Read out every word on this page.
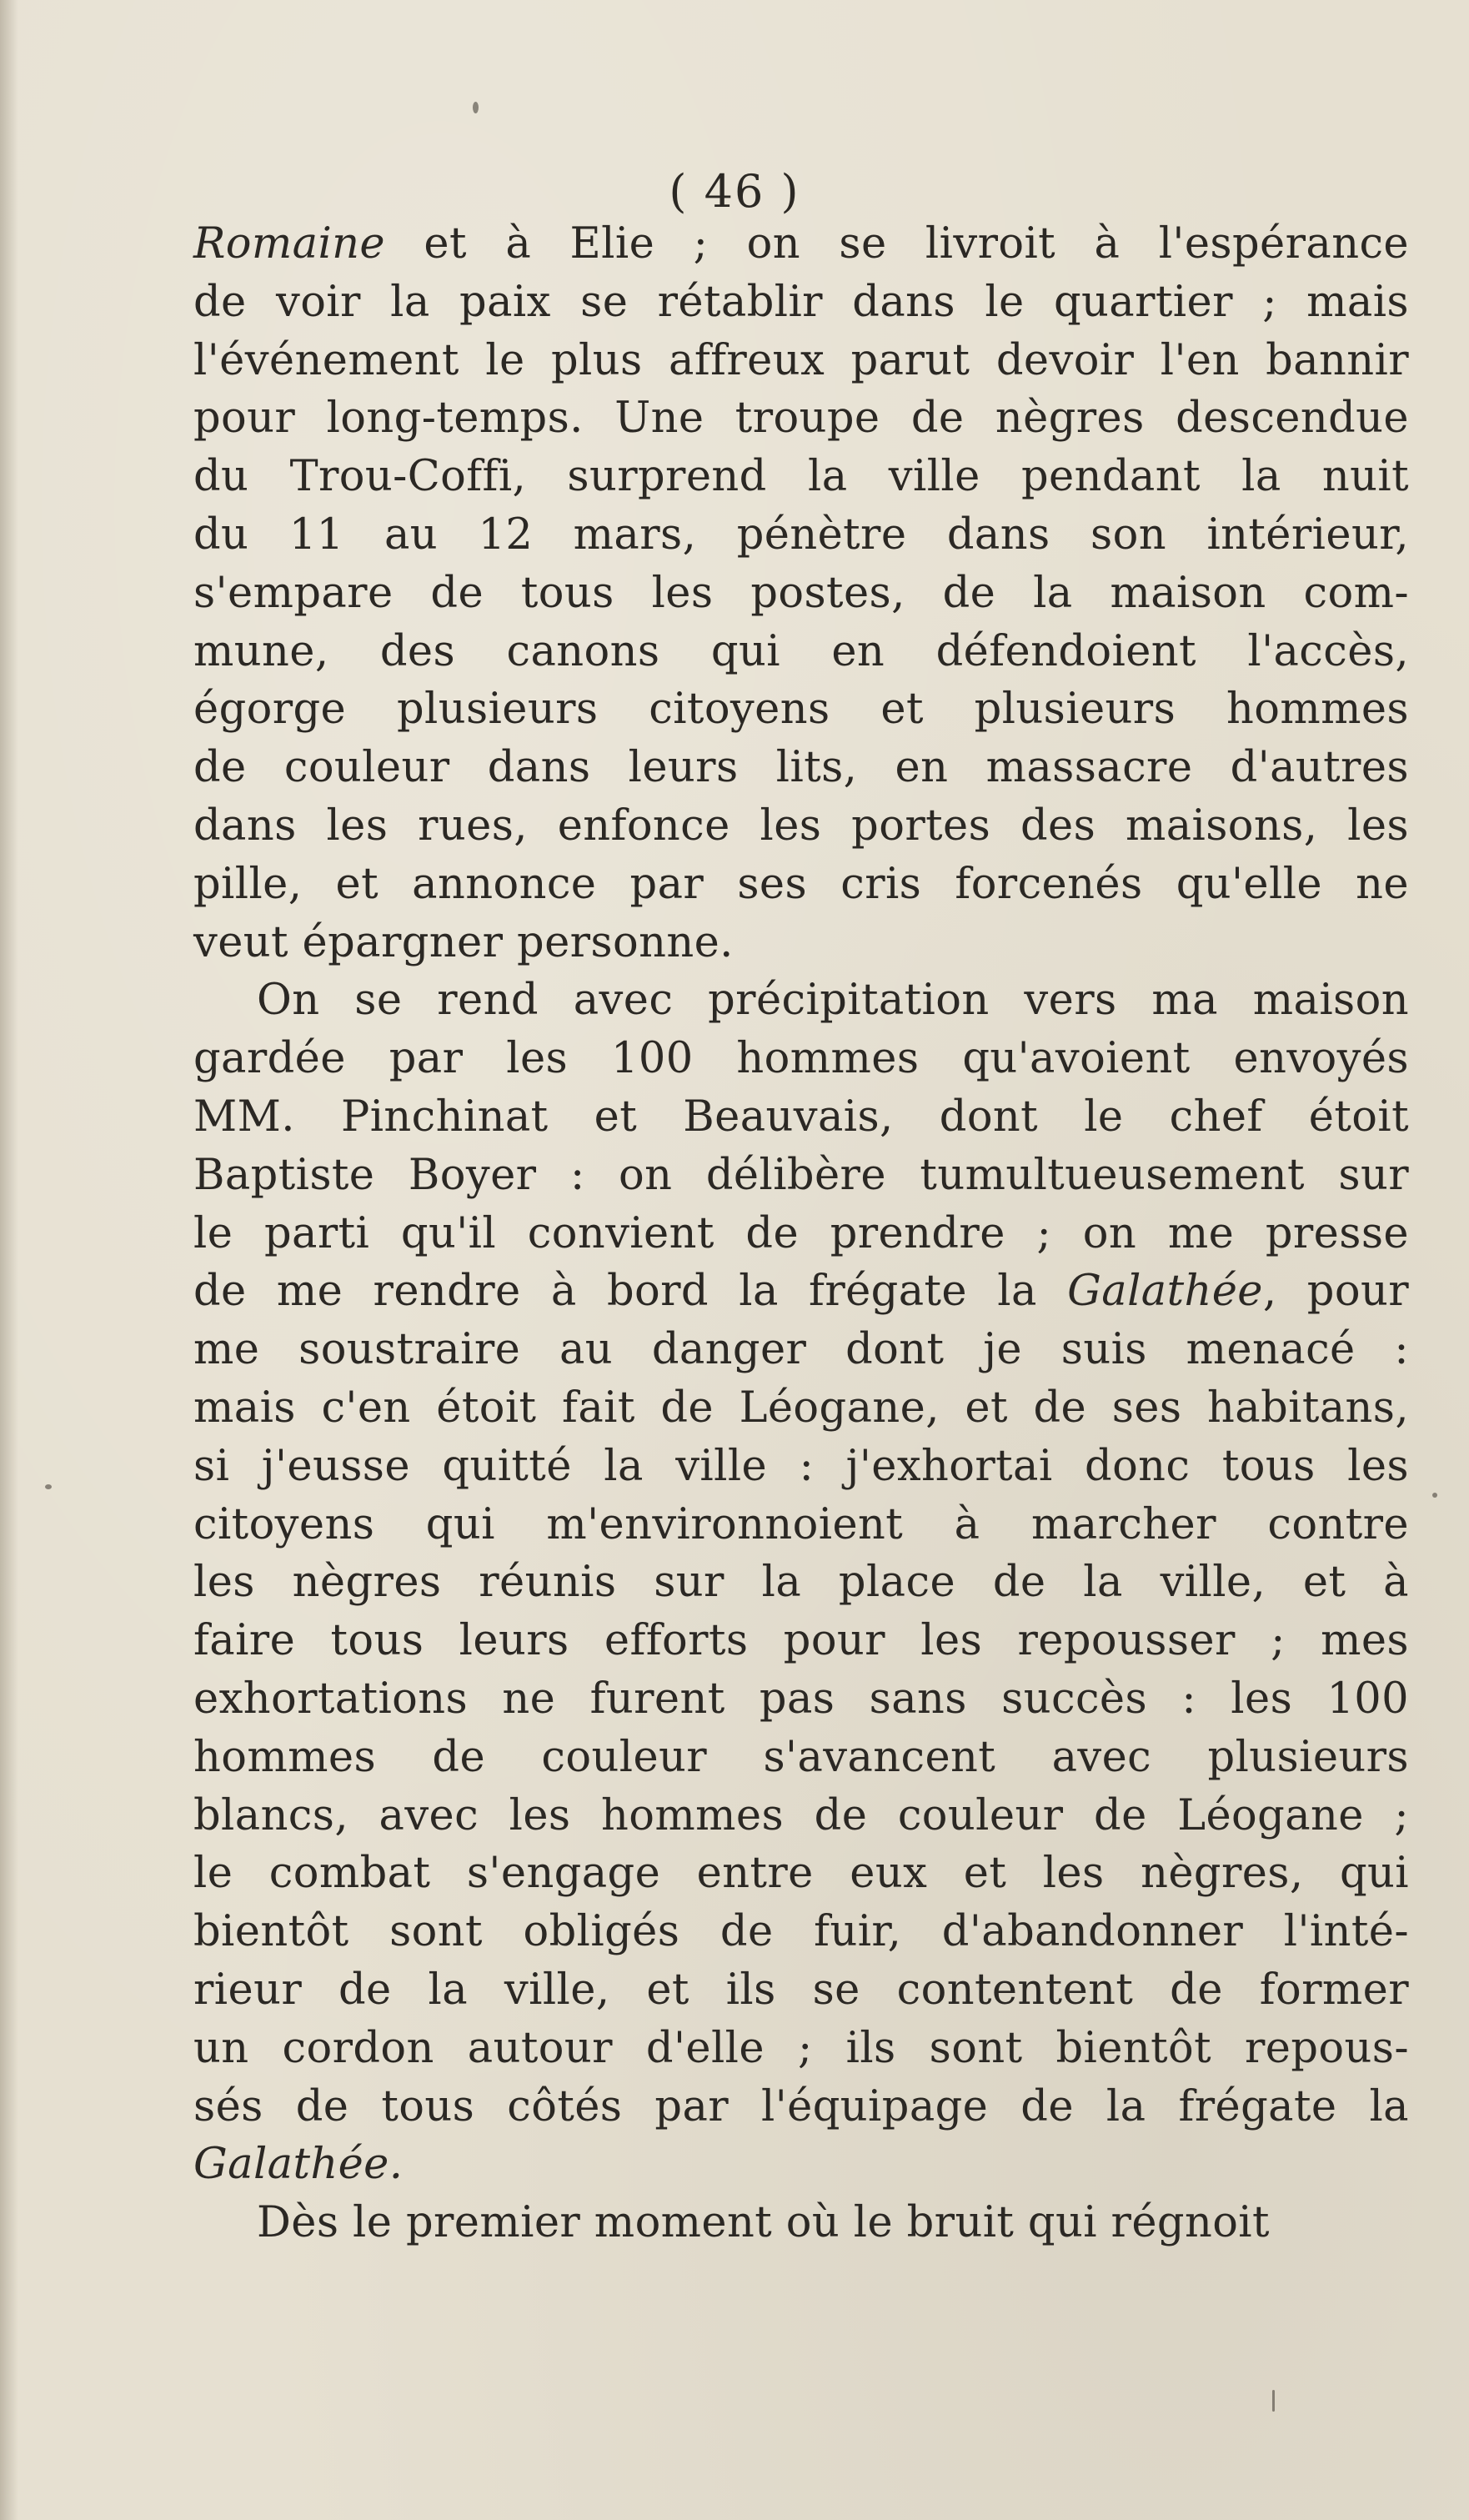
( 46 )
Romaine et à Elie ; on se livroit à l'espérance
de voir la paix se rétablir dans le quartier ; mais
l'événement le plus affreux parut devoir l'en bannir
pour long-temps. Une troupe de nègres descendue
du Trou-Coffi, surprend la ville pendant la nuit
du 11 au 12 mars, pénètre dans son intérieur,
s'empare de tous les postes, de la maison com-
mune, des canons qui en défendoient l'accès,
égorge plusieurs citoyens et plusieurs hommes
de couleur dans leurs lits, en massacre d'autres
dans les rues, enfonce les portes des maisons, les
pille, et annonce par ses cris forcenés qu'elle ne
veut épargner personne.
On se rend avec précipitation vers ma maison
gardée par les 100 hommes qu'avoient envoyés
MM. Pinchinat et Beauvais, dont le chef étoit
Baptiste Boyer : on délibère tumultueusement sur
le parti qu'il convient de prendre ; on me presse
de me rendre à bord la frégate la Galathée, pour
me soustraire au danger dont je suis menacé :
mais c'en étoit fait de Léogane, et de ses habitans,
si j'eusse quitté la ville : j'exhortai donc tous les
citoyens qui m'environnoient à marcher contre
les nègres réunis sur la place de la ville, et à
faire tous leurs efforts pour les repousser ; mes
exhortations ne furent pas sans succès : les 100
hommes de couleur s'avancent avec plusieurs
blancs, avec les hommes de couleur de Léogane ;
le combat s'engage entre eux et les nègres, qui
bientôt sont obligés de fuir, d'abandonner l'inté-
rieur de la ville, et ils se contentent de former
un cordon autour d'elle ; ils sont bientôt repous-
sés de tous côtés par l'équipage de la frégate la
Galathée.
Dès le premier moment où le bruit qui régnoit
